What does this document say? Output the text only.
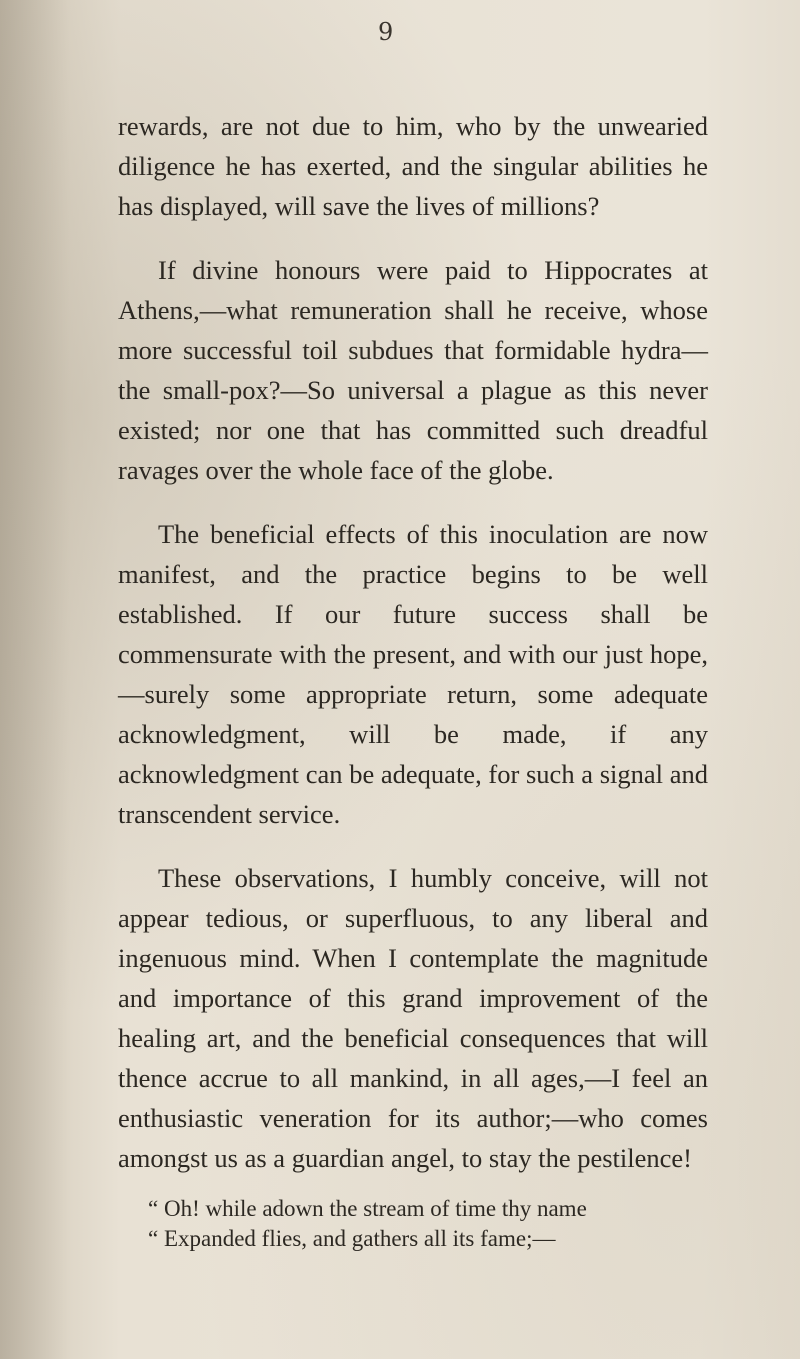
9

rewards, are not due to him, who by the unwearied diligence he has exerted, and the singular abilities he has displayed, will save the lives of millions?

If divine honours were paid to Hippocrates at Athens,—what remuneration shall he receive, whose more successful toil subdues that formidable hydra—the small-pox?—So universal a plague as this never existed; nor one that has committed such dreadful ravages over the whole face of the globe.

The beneficial effects of this inoculation are now manifest, and the practice begins to be well established. If our future success shall be commensurate with the present, and with our just hope,—surely some appropriate return, some adequate acknowledgment, will be made, if any acknowledgment can be adequate, for such a signal and transcendent service.

These observations, I humbly conceive, will not appear tedious, or superfluous, to any liberal and ingenuous mind. When I contemplate the magnitude and importance of this grand improvement of the healing art, and the beneficial consequences that will thence accrue to all mankind, in all ages,—I feel an enthusiastic veneration for its author;—who comes amongst us as a guardian angel, to stay the pestilence!

“ Oh! while adown the stream of time thy name

“ Expanded flies, and gathers all its fame;—
